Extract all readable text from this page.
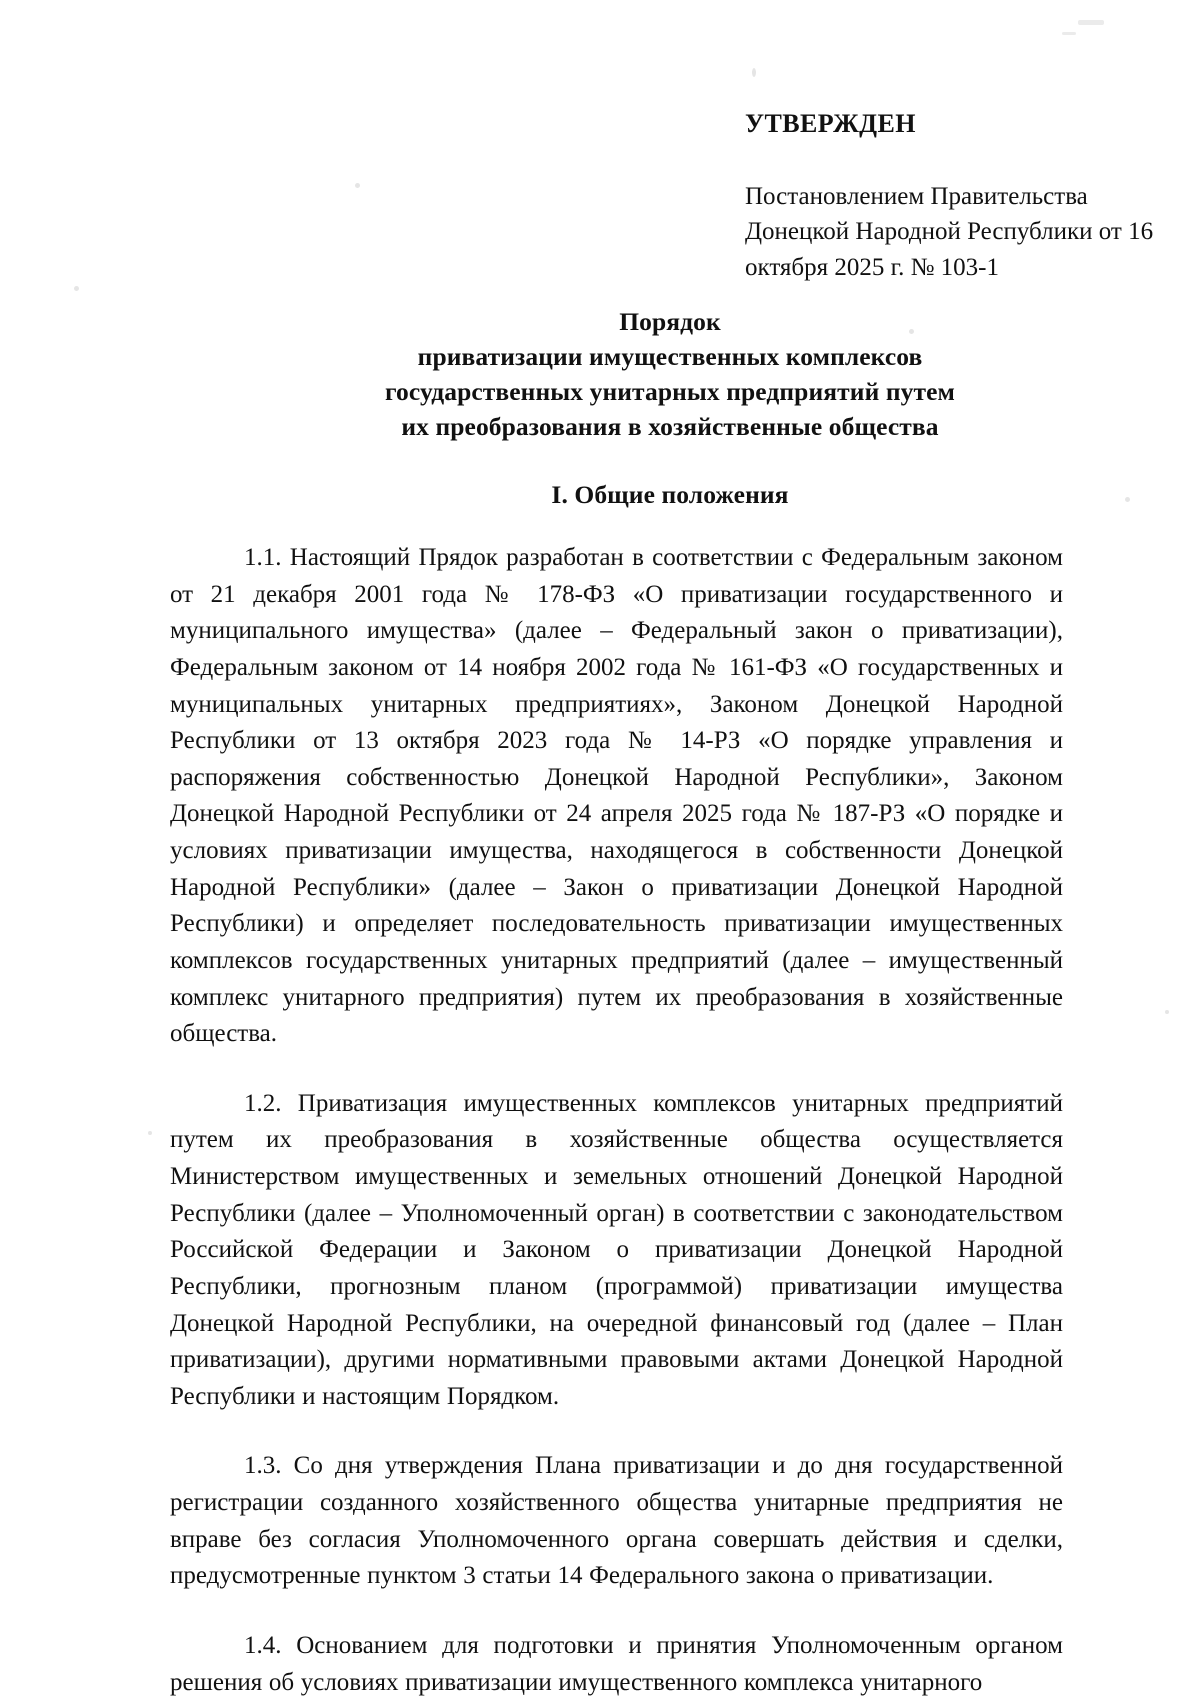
УТВЕРЖДЕН
Постановлением Правительства Донецкой Народной Республики от 16 октября 2025 г. № 103-1
Порядок
приватизации имущественных комплексов
государственных унитарных предприятий путем
их преобразования в хозяйственные общества
I. Общие положения

1.1. Настоящий Прядок разработан в соответствии с Федеральным законом от 21 декабря 2001 года № 178-ФЗ «О приватизации государственного и муниципального имущества» (далее – Федеральный закон о приватизации), Федеральным законом от 14 ноября 2002 года № 161-ФЗ «О государственных и муниципальных унитарных предприятиях», Законом Донецкой Народной Республики от 13 октября 2023 года № 14-РЗ «О порядке управления и распоряжения собственностью Донецкой Народной Республики», Законом Донецкой Народной Республики от 24 апреля 2025 года № 187-РЗ «О порядке и условиях приватизации имущества, находящегося в собственности Донецкой Народной Республики» (далее – Закон о приватизации Донецкой Народной Республики) и определяет последовательность приватизации имущественных комплексов государственных унитарных предприятий (далее – имущественный комплекс унитарного предприятия) путем их преобразования в хозяйственные общества.

1.2. Приватизация имущественных комплексов унитарных предприятий путем их преобразования в хозяйственные общества осуществляется Министерством имущественных и земельных отношений Донецкой Народной Республики (далее – Уполномоченный орган) в соответствии с законодательством Российской Федерации и Законом о приватизации Донецкой Народной Республики, прогнозным планом (программой) приватизации имущества Донецкой Народной Республики, на очередной финансовый год (далее – План приватизации), другими нормативными правовыми актами Донецкой Народной Республики и настоящим Порядком.

1.3. Со дня утверждения Плана приватизации и до дня государственной регистрации созданного хозяйственного общества унитарные предприятия не вправе без согласия Уполномоченного органа совершать действия и сделки, предусмотренные пунктом 3 статьи 14 Федерального закона о приватизации.

1.4. Основанием для подготовки и принятия Уполномоченным органом решения об условиях приватизации имущественного комплекса унитарного
